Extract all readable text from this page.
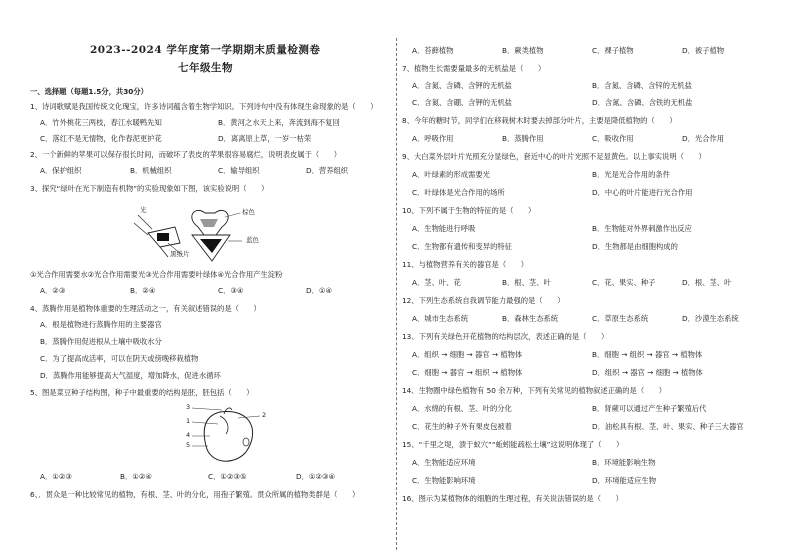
2023--2024 学年度第一学期期末质量检测卷
七年级生物
一、选择题（每题1.5分，共30分）
1、诗词歌赋是我国传统文化瑰宝，许多诗词蕴含着生物学知识。下列诗句中没有体现生命现象的是（　　）
A．竹外桃花三两枝，春江水暖鸭先知	B．黄河之水天上来，奔流到海不复回
C．落红不是无情物，化作春泥更护花	D．离离原上草，一岁一枯荣
2、一个新鲜的苹果可以保存很长时间，而破坏了表皮的苹果很容易腐烂，说明表皮属于（　　）
A．保护组织	B．机械组织	C．输导组织	D．营养组织
3、探究“绿叶在光下制造有机物”的实验现象如下图，该实验说明（　　）
光	棕色
蓝色
黑纸片
①光合作用需要水②光合作用需要光③光合作用需要叶绿体④光合作用产生淀粉
A．②③	B．②④	C．③④	D．①④
4、蒸腾作用是植物体重要的生理活动之一，有关叙述错误的是（　　）
A．根是植物进行蒸腾作用的主要器官
B．蒸腾作用促进根从土壤中吸收水分
C．为了提高成活率，可以在阴天或傍晚移栽植物
D．蒸腾作用能够提高大气湿度，增加降水，促进水循环
5、图是菜豆种子结构图，种子中最重要的结构是胚，胚包括（　　）
3
1
4
5
2
A．①②③	B．①②④	C．①②③⑤	D．①②③④
6、．贯众是一种比较常见的植物，有根、茎、叶的分化，用孢子繁殖。贯众所属的植物类群是（　　）
A．苔藓植物	B．蕨类植物	C．裸子植物	D．被子植物
7、植物生长需要量最多的无机盐是（　　）
A．含氮、含磷、含钾的无机盐	B．含氮、含磷、含锌的无机盐
C．含氮、含硼、含钾的无机盐	D．含氮、含磷、含铁的无机盐
8、今年的糖时节，同学们在移栽树木时要去掉部分叶片，主要是降低植物的（　　）
A．呼吸作用	B．蒸腾作用	C．吸收作用	D．光合作用
9、大白菜外层叶片光照充分显绿色，套近中心的叶片光照不足显黄色。以上事实说明（　　）
A．叶绿素的形成需要光	B．光是光合作用的条件
C．叶绿体是光合作用的场所	D．中心的叶片能进行光合作用
10、下列不属于生物的特征的是（　　）
A．生物能进行呼吸	B．生物能对外界刺激作出反应
C．生物都有遗传和变异的特征	D．生物都是由细胞构成的
11、与植物营养有关的器官是（　　）
A．茎、叶、花	B．根、茎、叶	C．花、果实、种子	D．根、茎、叶
12、下列生态系统自我调节能力最强的是（　　）
A．城市生态系统	B．森林生态系统	C．草原生态系统	D．沙漠生态系统
13、下列有关绿色开花植物的结构层次，表述正确的是（　　）
A．组织 → 细胞 → 器官 → 植物体	B．细胞 → 组织 → 器官 → 植物体
C．细胞 → 器官 → 组织 → 植物体	D．组织 → 器官 → 细胞 → 植物体
14、生物圈中绿色植物有 50 余万种，下列有关常见的植物叙述正确的是（　　）
A．水绵的有根、茎、叶的分化	B．肾蕨可以通过产生种子繁殖后代
C．花生的种子外有果皮包被着	D．油松具有根、茎、叶、果实、种子三大器官
15、“千里之堤，溃于蚁穴”“蚯蚓能疏松土壤”这说明体现了（　　）
A．生物能适应环境	B．环境能影响生物
C．生物能影响环境	D．环境能适应生物
16、图示为某植物体的细胞的生理过程，有关说法错误的是（　　）
